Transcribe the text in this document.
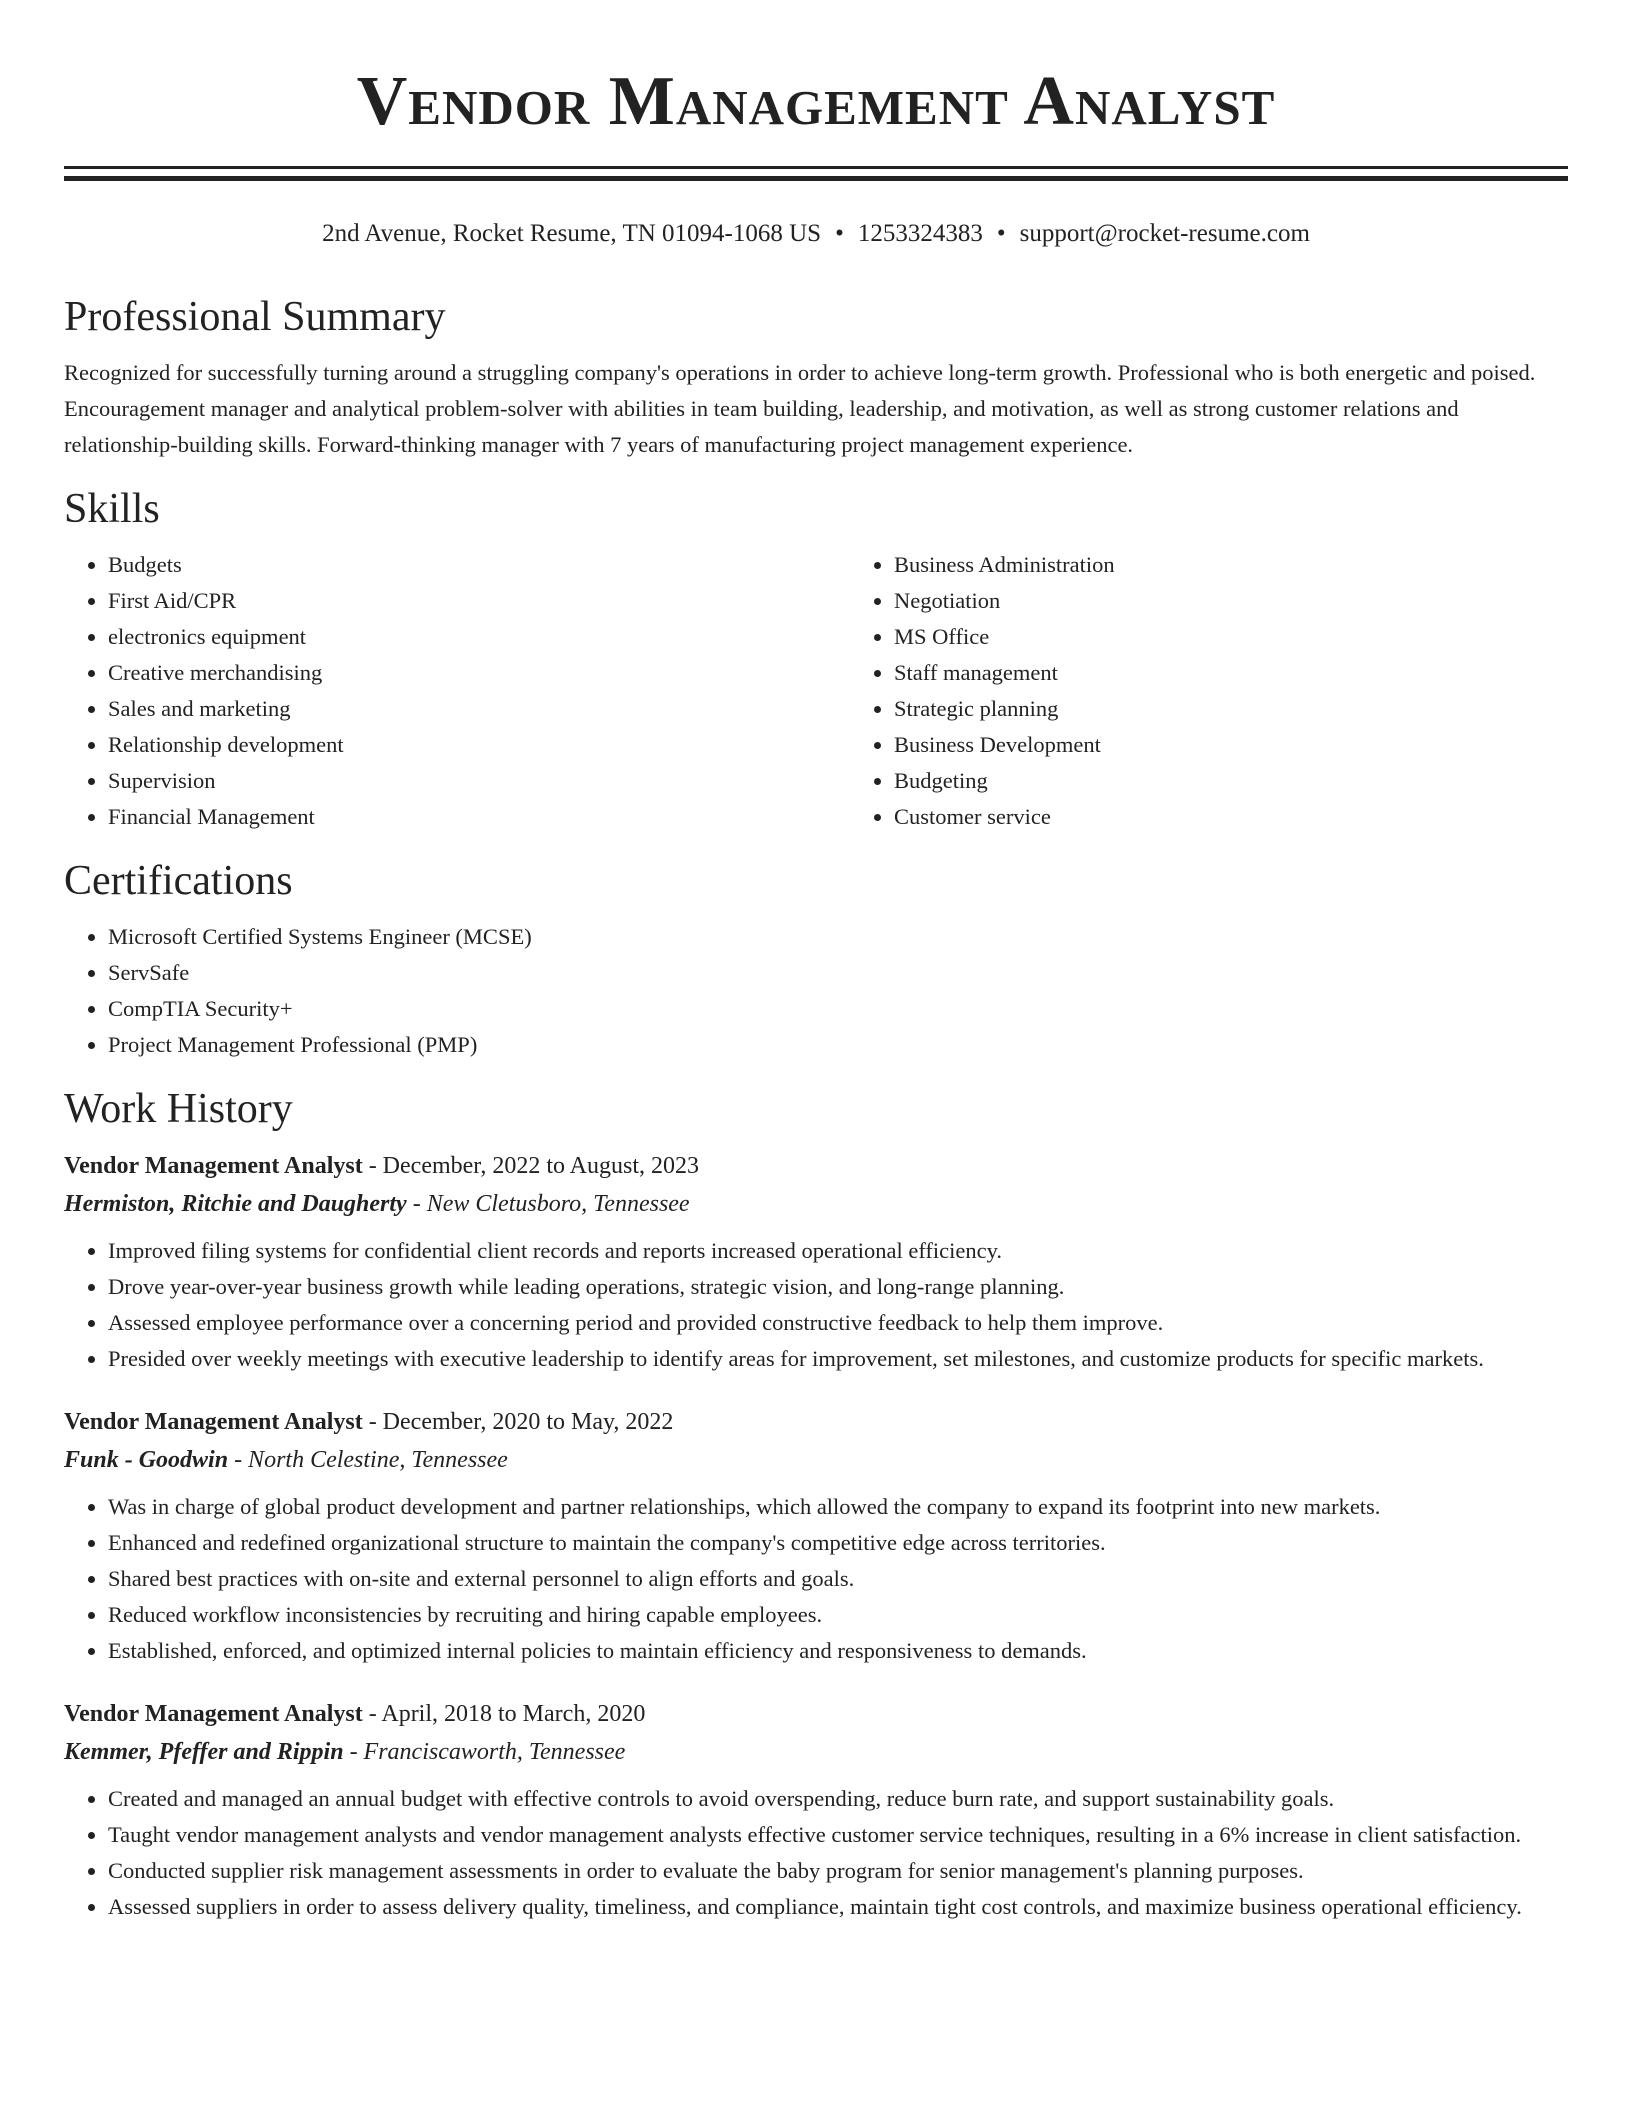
Vendor Management Analyst
2nd Avenue, Rocket Resume, TN 01094-1068 US • 1253324383 • support@rocket-resume.com
Professional Summary

Recognized for successfully turning around a struggling company's operations in order to achieve long-term growth. Professional who is both energetic and poised. Encouragement manager and analytical problem-solver with abilities in team building, leadership, and motivation, as well as strong customer relations and relationship-building skills. Forward-thinking manager with 7 years of manufacturing project management experience.

Skills
• Budgets
• First Aid/CPR
• electronics equipment
• Creative merchandising
• Sales and marketing
• Relationship development
• Supervision
• Financial Management
• Business Administration
• Negotiation
• MS Office
• Staff management
• Strategic planning
• Business Development
• Budgeting
• Customer service
Certifications
• Microsoft Certified Systems Engineer (MCSE)
• ServSafe
• CompTIA Security+
• Project Management Professional (PMP)
Work History

Vendor Management Analyst - December, 2022 to August, 2023

Hermiston, Ritchie and Daugherty - New Cletusboro, Tennessee

• Improved filing systems for confidential client records and reports increased operational efficiency.
• Drove year-over-year business growth while leading operations, strategic vision, and long-range planning.
• Assessed employee performance over a concerning period and provided constructive feedback to help them improve.
• Presided over weekly meetings with executive leadership to identify areas for improvement, set milestones, and customize products for specific markets.

Vendor Management Analyst - December, 2020 to May, 2022

Funk - Goodwin - North Celestine, Tennessee

• Was in charge of global product development and partner relationships, which allowed the company to expand its footprint into new markets.
• Enhanced and redefined organizational structure to maintain the company's competitive edge across territories.
• Shared best practices with on-site and external personnel to align efforts and goals.
• Reduced workflow inconsistencies by recruiting and hiring capable employees.
• Established, enforced, and optimized internal policies to maintain efficiency and responsiveness to demands.

Vendor Management Analyst - April, 2018 to March, 2020

Kemmer, Pfeffer and Rippin - Franciscaworth, Tennessee

• Created and managed an annual budget with effective controls to avoid overspending, reduce burn rate, and support sustainability goals.
• Taught vendor management analysts and vendor management analysts effective customer service techniques, resulting in a 6% increase in client satisfaction.
• Conducted supplier risk management assessments in order to evaluate the baby program for senior management's planning purposes.
• Assessed suppliers in order to assess delivery quality, timeliness, and compliance, maintain tight cost controls, and maximize business operational efficiency.
